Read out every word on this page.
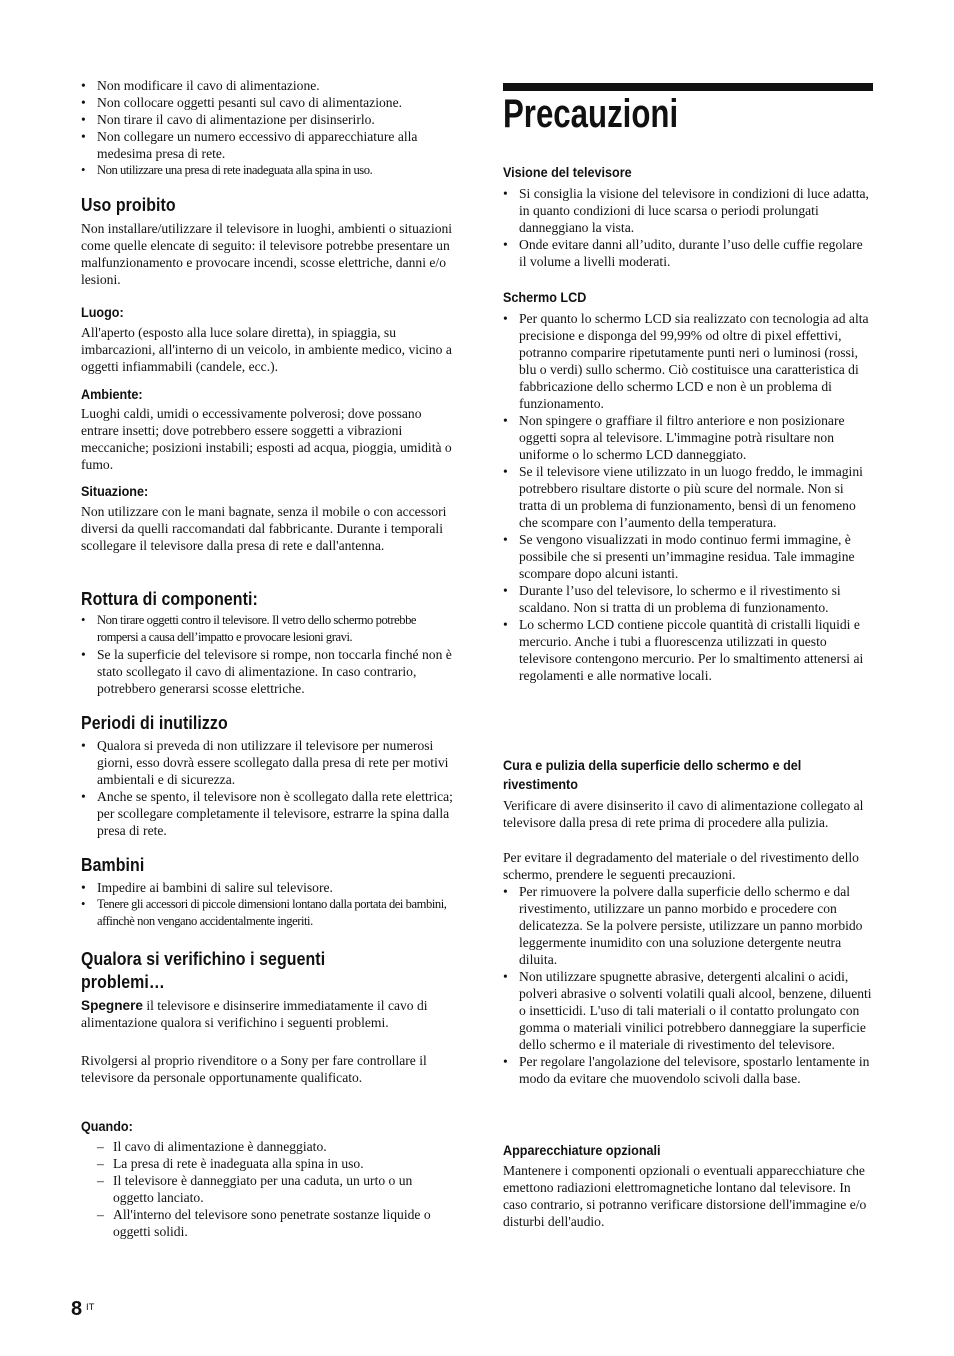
• Non modificare il cavo di alimentazione.
• Non collocare oggetti pesanti sul cavo di alimentazione.
• Non tirare il cavo di alimentazione per disinserirlo.
• Non collegare un numero eccessivo di apparecchiature alla medesima presa di rete.
• Non utilizzare una presa di rete inadeguata alla spina in uso.
Uso proibito

Non installare/utilizzare il televisore in luoghi, ambienti o situazioni come quelle elencate di seguito: il televisore potrebbe presentare un malfunzionamento e provocare incendi, scosse elettriche, danni e/o lesioni.

Luogo:

All'aperto (esposto alla luce solare diretta), in spiaggia, su imbarcazioni, all'interno di un veicolo, in ambiente medico, vicino a oggetti infiammabili (candele, ecc.).

Ambiente:

Luoghi caldi, umidi o eccessivamente polverosi; dove possano entrare insetti; dove potrebbero essere soggetti a vibrazioni meccaniche; posizioni instabili; esposti ad acqua, pioggia, umidità o fumo.

Situazione:

Non utilizzare con le mani bagnate, senza il mobile o con accessori diversi da quelli raccomandati dal fabbricante. Durante i temporali scollegare il televisore dalla presa di rete e dall'antenna.

Rottura di componenti:
• Non tirare oggetti contro il televisore. Il vetro dello schermo potrebbe rompersi a causa dell’impatto e provocare lesioni gravi.
• Se la superficie del televisore si rompe, non toccarla finché non è stato scollegato il cavo di alimentazione. In caso contrario, potrebbero generarsi scosse elettriche.
Periodi di inutilizzo
• Qualora si preveda di non utilizzare il televisore per numerosi giorni, esso dovrà essere scollegato dalla presa di rete per motivi ambientali e di sicurezza.
• Anche se spento, il televisore non è scollegato dalla rete elettrica; per scollegare completamente il televisore, estrarre la spina dalla presa di rete.
Bambini
• Impedire ai bambini di salire sul televisore.
• Tenere gli accessori di piccole dimensioni lontano dalla portata dei bambini, affinchè non vengano accidentalmente ingeriti.
Qualora si verifichino i seguenti
problemi…

Spegnere il televisore e disinserire immediatamente il cavo di alimentazione qualora si verifichino i seguenti problemi.

Rivolgersi al proprio rivenditore o a Sony per fare controllare il televisore da personale opportunamente qualificato.

Quando:
– Il cavo di alimentazione è danneggiato.
– La presa di rete è inadeguata alla spina in uso.
– Il televisore è danneggiato per una caduta, un urto o un oggetto lanciato.
– All'interno del televisore sono penetrate sostanze liquide o oggetti solidi.
Precauzioni
Visione del televisore
• Si consiglia la visione del televisore in condizioni di luce adatta, in quanto condizioni di luce scarsa o periodi prolungati danneggiano la vista.
• Onde evitare danni all’udito, durante l’uso delle cuffie regolare il volume a livelli moderati.
Schermo LCD
• Per quanto lo schermo LCD sia realizzato con tecnologia ad alta precisione e disponga del 99,99% od oltre di pixel effettivi, potranno comparire ripetutamente punti neri o luminosi (rossi, blu o verdi) sullo schermo. Ciò costituisce una caratteristica di fabbricazione dello schermo LCD e non è un problema di funzionamento.
• Non spingere o graffiare il filtro anteriore e non posizionare oggetti sopra al televisore. L'immagine potrà risultare non uniforme o lo schermo LCD danneggiato.
• Se il televisore viene utilizzato in un luogo freddo, le immagini potrebbero risultare distorte o più scure del normale. Non si tratta di un problema di funzionamento, bensì di un fenomeno che scompare con l’aumento della temperatura.
• Se vengono visualizzati in modo continuo fermi immagine, è possibile che si presenti un’immagine residua. Tale immagine scompare dopo alcuni istanti.
• Durante l’uso del televisore, lo schermo e il rivestimento si scaldano. Non si tratta di un problema di funzionamento.
• Lo schermo LCD contiene piccole quantità di cristalli liquidi e mercurio. Anche i tubi a fluorescenza utilizzati in questo televisore contengono mercurio. Per lo smaltimento attenersi ai regolamenti e alle normative locali.
Cura e pulizia della superficie dello schermo e del
rivestimento

Verificare di avere disinserito il cavo di alimentazione collegato al televisore dalla presa di rete prima di procedere alla pulizia.

Per evitare il degradamento del materiale o del rivestimento dello schermo, prendere le seguenti precauzioni.

• Per rimuovere la polvere dalla superficie dello schermo e dal rivestimento, utilizzare un panno morbido e procedere con delicatezza. Se la polvere persiste, utilizzare un panno morbido leggermente inumidito con una soluzione detergente neutra diluita.
• Non utilizzare spugnette abrasive, detergenti alcalini o acidi, polveri abrasive o solventi volatili quali alcool, benzene, diluenti o insetticidi. L'uso di tali materiali o il contatto prolungato con gomma o materiali vinilici potrebbero danneggiare la superficie dello schermo e il materiale di rivestimento del televisore.
• Per regolare l'angolazione del televisore, spostarlo lentamente in modo da evitare che muovendolo scivoli dalla base.
Apparecchiature opzionali

Mantenere i componenti opzionali o eventuali apparecchiature che emettono radiazioni elettromagnetiche lontano dal televisore. In caso contrario, si potranno verificare distorsione dell'immagine e/o disturbi dell'audio.

8 IT
